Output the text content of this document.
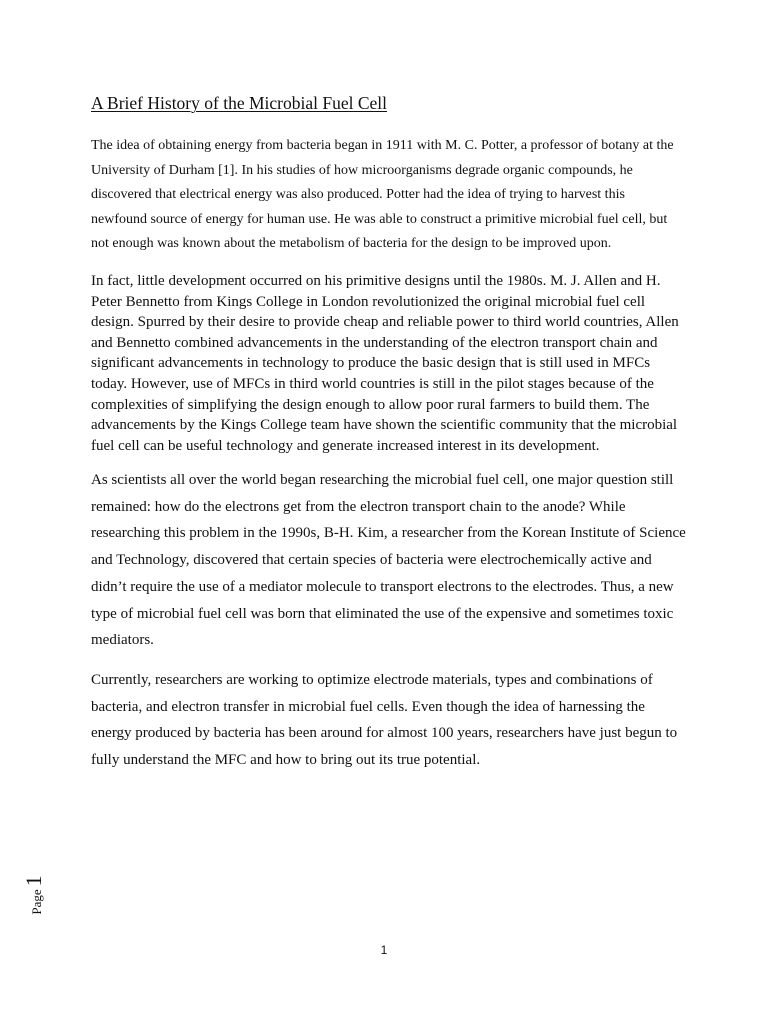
A Brief History of the Microbial Fuel Cell

The idea of obtaining energy from bacteria began in 1911 with M. C. Potter, a professor of botany at the University of Durham [1]. In his studies of how microorganisms degrade organic compounds, he discovered that electrical energy was also produced. Potter had the idea of trying to harvest this newfound source of energy for human use. He was able to construct a primitive microbial fuel cell, but not enough was known about the metabolism of bacteria for the design to be improved upon.

In fact, little development occurred on his primitive designs until the 1980s. M. J. Allen and H. Peter Bennetto from Kings College in London revolutionized the original microbial fuel cell design. Spurred by their desire to provide cheap and reliable power to third world countries, Allen and Bennetto combined advancements in the understanding of the electron transport chain and significant advancements in technology to produce the basic design that is still used in MFCs today. However, use of MFCs in third world countries is still in the pilot stages because of the complexities of simplifying the design enough to allow poor rural farmers to build them. The advancements by the Kings College team have shown the scientific community that the microbial fuel cell can be useful technology and generate increased interest in its development.

As scientists all over the world began researching the microbial fuel cell, one major question still remained: how do the electrons get from the electron transport chain to the anode? While researching this problem in the 1990s, B-H. Kim, a researcher from the Korean Institute of Science and Technology, discovered that certain species of bacteria were electrochemically active and didn’t require the use of a mediator molecule to transport electrons to the electrodes. Thus, a new type of microbial fuel cell was born that eliminated the use of the expensive and sometimes toxic mediators.

Currently, researchers are working to optimize electrode materials, types and combinations of bacteria, and electron transfer in microbial fuel cells. Even though the idea of harnessing the energy produced by bacteria has been around for almost 100 years, researchers have just begun to fully understand the MFC and how to bring out its true potential.

Page
1
1
